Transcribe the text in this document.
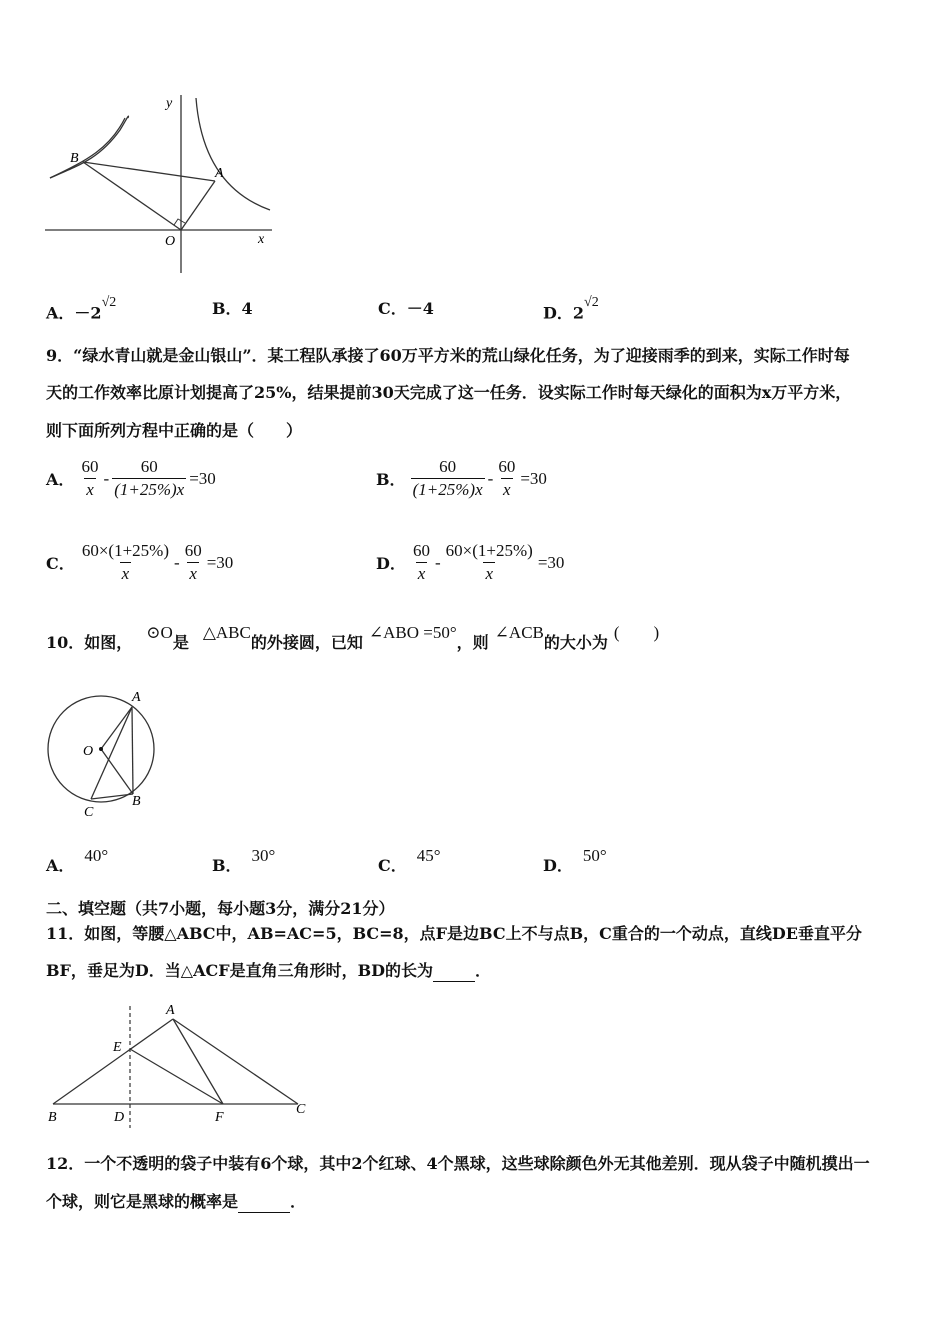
y
x
O
B
A
A．$-2^{√2}$	B．4	C．－4	D．$2^{√2}$
9．“绿水青山就是金山银山”．某工程队承接了60万平方米的荒山绿化任务，为了迎接雨季的到来，实际工作时每
天的工作效率比原计划提高了25%，结果提前30天完成了这一任务．设实际工作时每天绿化的面积为x万平方米，
则下面所列方程中正确的是（　　）
A． $\frac{60}{x} - \frac{60}{(1+25\%)x} =30$	B． $\frac{60}{(1+25\%)x} - \frac{60}{x} =30$
C． $\frac{60\times(1+25\%)}{x} - \frac{60}{x} =30$	D． $\frac{60}{x} - \frac{60\times(1+25\%)}{x} =30$
10．如图，⊙O是△ABC的外接圆，已知∠ABO =50°，则∠ACB的大小为(　　)
A
O
C
B
A．40°
B．30°
C．45°
D．50°
二、填空题（共7小题，每小题3分，满分21分）
11．如图，等腰△ABC中，AB=AC=5，BC=8，点F是边BC上不与点B，C重合的一个动点，直线DE垂直平分
BF，垂足为D．当△ACF是直角三角形时，BD的长为	．
A
E
B	D	F
C
12．一个不透明的袋子中装有6个球，其中2个红球、4个黑球，这些球除颜色外无其他差别．现从袋子中随机摸出一
个球，则它是黑球的概率是	．
